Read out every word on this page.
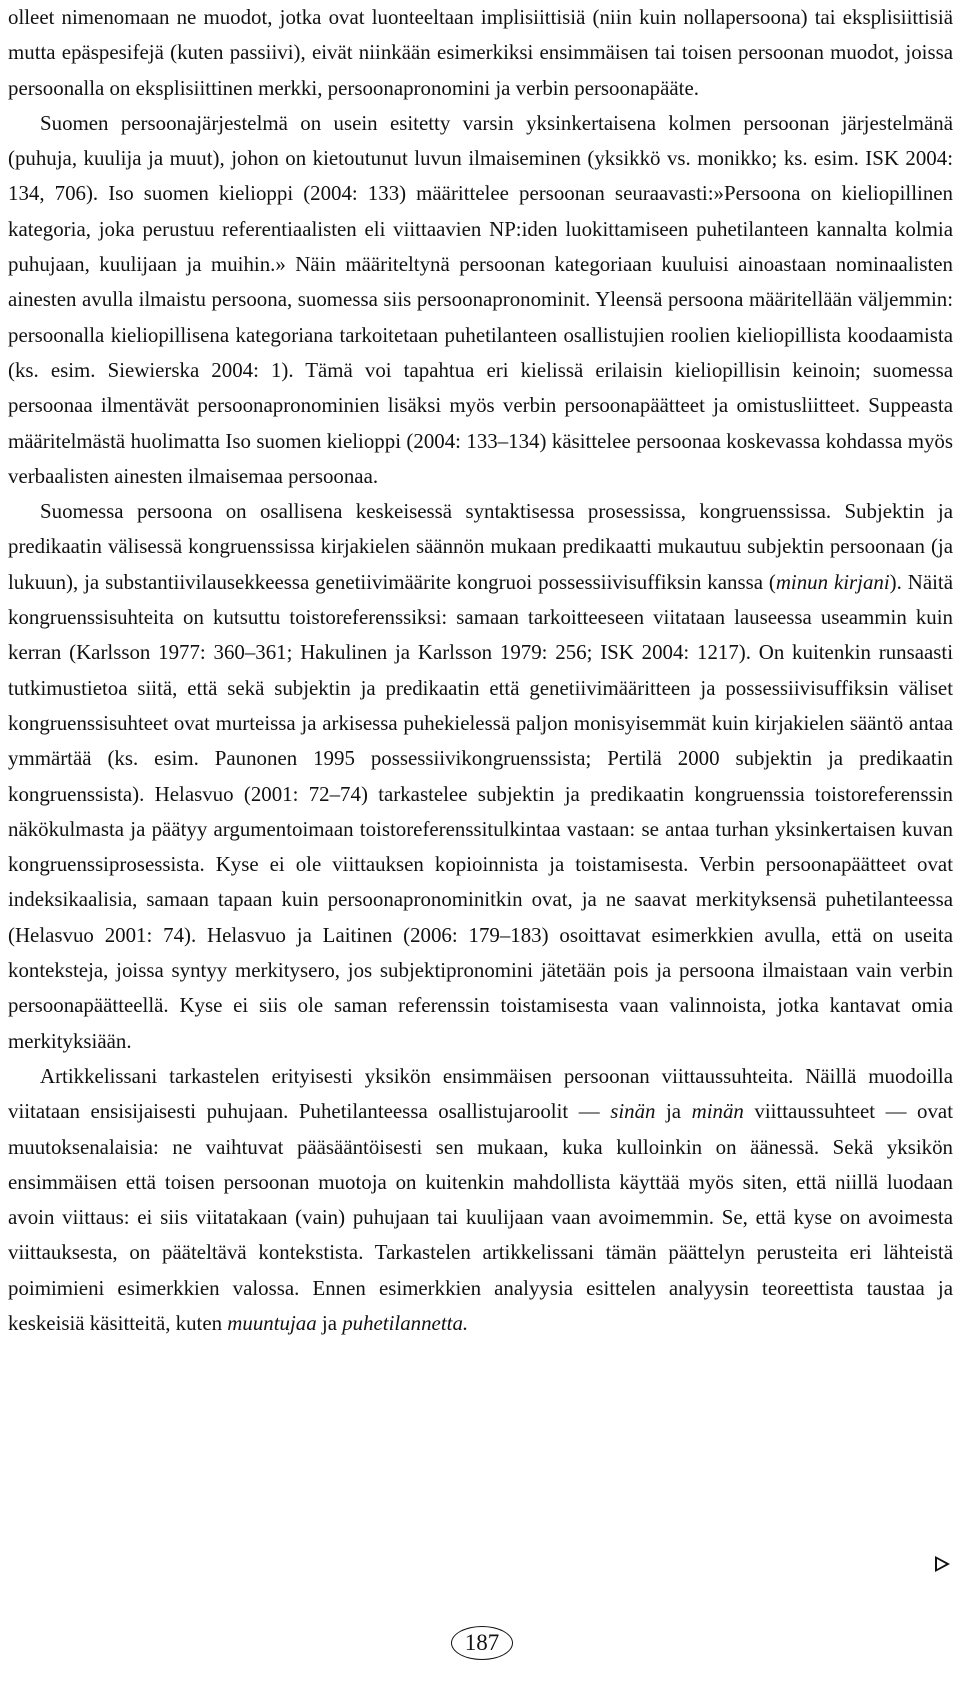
olleet nimenomaan ne muodot, jotka ovat luonteeltaan implisiittisiä (niin kuin nollapersoona) tai eksplisiittisiä mutta epäspesifejä (kuten passiivi), eivät niinkään esimerkiksi ensimmäisen tai toisen persoonan muodot, joissa persoonalla on eksplisiittinen merkki, persoonapronomini ja verbin persoonapääte.

Suomen persoonajärjestelmä on usein esitetty varsin yksinkertaisena kolmen persoonan järjestelmänä (puhuja, kuulija ja muut), johon on kietoutunut luvun ilmaiseminen (yksikkö vs. monikko; ks. esim. ISK 2004: 134, 706). Iso suomen kielioppi (2004: 133) määrittelee persoonan seuraavasti:»Persoona on kieliopillinen kategoria, joka perustuu referentiaalisten eli viittaavien NP:iden luokittamiseen puhetilanteen kannalta kolmia puhujaan, kuulijaan ja muihin.» Näin määriteltynä persoonan kategoriaan kuuluisi ainoastaan nominaalisten ainesten avulla ilmaistu persoona, suomessa siis persoonapronominit. Yleensä persoona määritellään väljemmin: persoonalla kieliopillisena kategoriana tarkoitetaan puhetilanteen osallistujien roolien kieliopillista koodaamista (ks. esim. Siewierska 2004: 1). Tämä voi tapahtua eri kielissä erilaisin kieliopillisin keinoin; suomessa persoonaa ilmentävät persoonapronominien lisäksi myös verbin persoonapäätteet ja omistusliitteet. Suppeasta määritelmästä huolimatta Iso suomen kielioppi (2004: 133–134) käsittelee persoonaa koskevassa kohdassa myös verbaalisten ainesten ilmaisemaa persoonaa.

Suomessa persoona on osallisena keskeisessä syntaktisessa prosessissa, kongruenssissa. Subjektin ja predikaatin välisessä kongruenssissa kirjakielen säännön mukaan predikaatti mukautuu subjektin persoonaan (ja lukuun), ja substantiivilausekkeessa genetiivimäärite kongruoi possessiivisuffiksin kanssa (minun kirjani). Näitä kongruenssisuhteita on kutsuttu toistoreferenssiksi: samaan tarkoitteeseen viitataan lauseessa useammin kuin kerran (Karlsson 1977: 360–361; Hakulinen ja Karlsson 1979: 256; ISK 2004: 1217). On kuitenkin runsaasti tutkimustietoa siitä, että sekä subjektin ja predikaatin että genetiivimääritteen ja possessiivisuffiksin väliset kongruenssisuhteet ovat murteissa ja arkisessa puhekielessä paljon monisyisemmät kuin kirjakielen sääntö antaa ymmärtää (ks. esim. Paunonen 1995 possessiivikongruenssista; Pertilä 2000 subjektin ja predikaatin kongruenssista). Helasvuo (2001: 72–74) tarkastelee subjektin ja predikaatin kongruenssia toistoreferenssin näkökulmasta ja päätyy argumentoimaan toistoreferenssitulkintaa vastaan: se antaa turhan yksinkertaisen kuvan kongruenssiprosessista. Kyse ei ole viittauksen kopioinnista ja toistamisesta. Verbin persoonapäätteet ovat indeksikaalisia, samaan tapaan kuin persoonapronominitkin ovat, ja ne saavat merkityksensä puhetilanteessa (Helasvuo 2001: 74). Helasvuo ja Laitinen (2006: 179–183) osoittavat esimerkkien avulla, että on useita konteksteja, joissa syntyy merkitysero, jos subjektipronomini jätetään pois ja persoona ilmaistaan vain verbin persoonapäätteellä. Kyse ei siis ole saman referenssin toistamisesta vaan valinnoista, jotka kantavat omia merkityksiään.

Artikkelissani tarkastelen erityisesti yksikön ensimmäisen persoonan viittaussuhteita. Näillä muodoilla viitataan ensisijaisesti puhujaan. Puhetilanteessa osallistujaroolit — sinän ja minän viittaussuhteet — ovat muutoksenalaisia: ne vaihtuvat pääsääntöisesti sen mukaan, kuka kulloinkin on äänessä. Sekä yksikön ensimmäisen että toisen persoonan muotoja on kuitenkin mahdollista käyttää myös siten, että niillä luodaan avoin viittaus: ei siis viitatakaan (vain) puhujaan tai kuulijaan vaan avoimemmin. Se, että kyse on avoimesta viittauksesta, on pääteltävä kontekstista. Tarkastelen artikkelissani tämän päättelyn perusteita eri lähteistä poimimieni esimerkkien valossa. Ennen esimerkkien analyysia esittelen analyysin teoreettista taustaa ja keskeisiä käsitteitä, kuten muuntujaa ja puhetilannetta.

187
